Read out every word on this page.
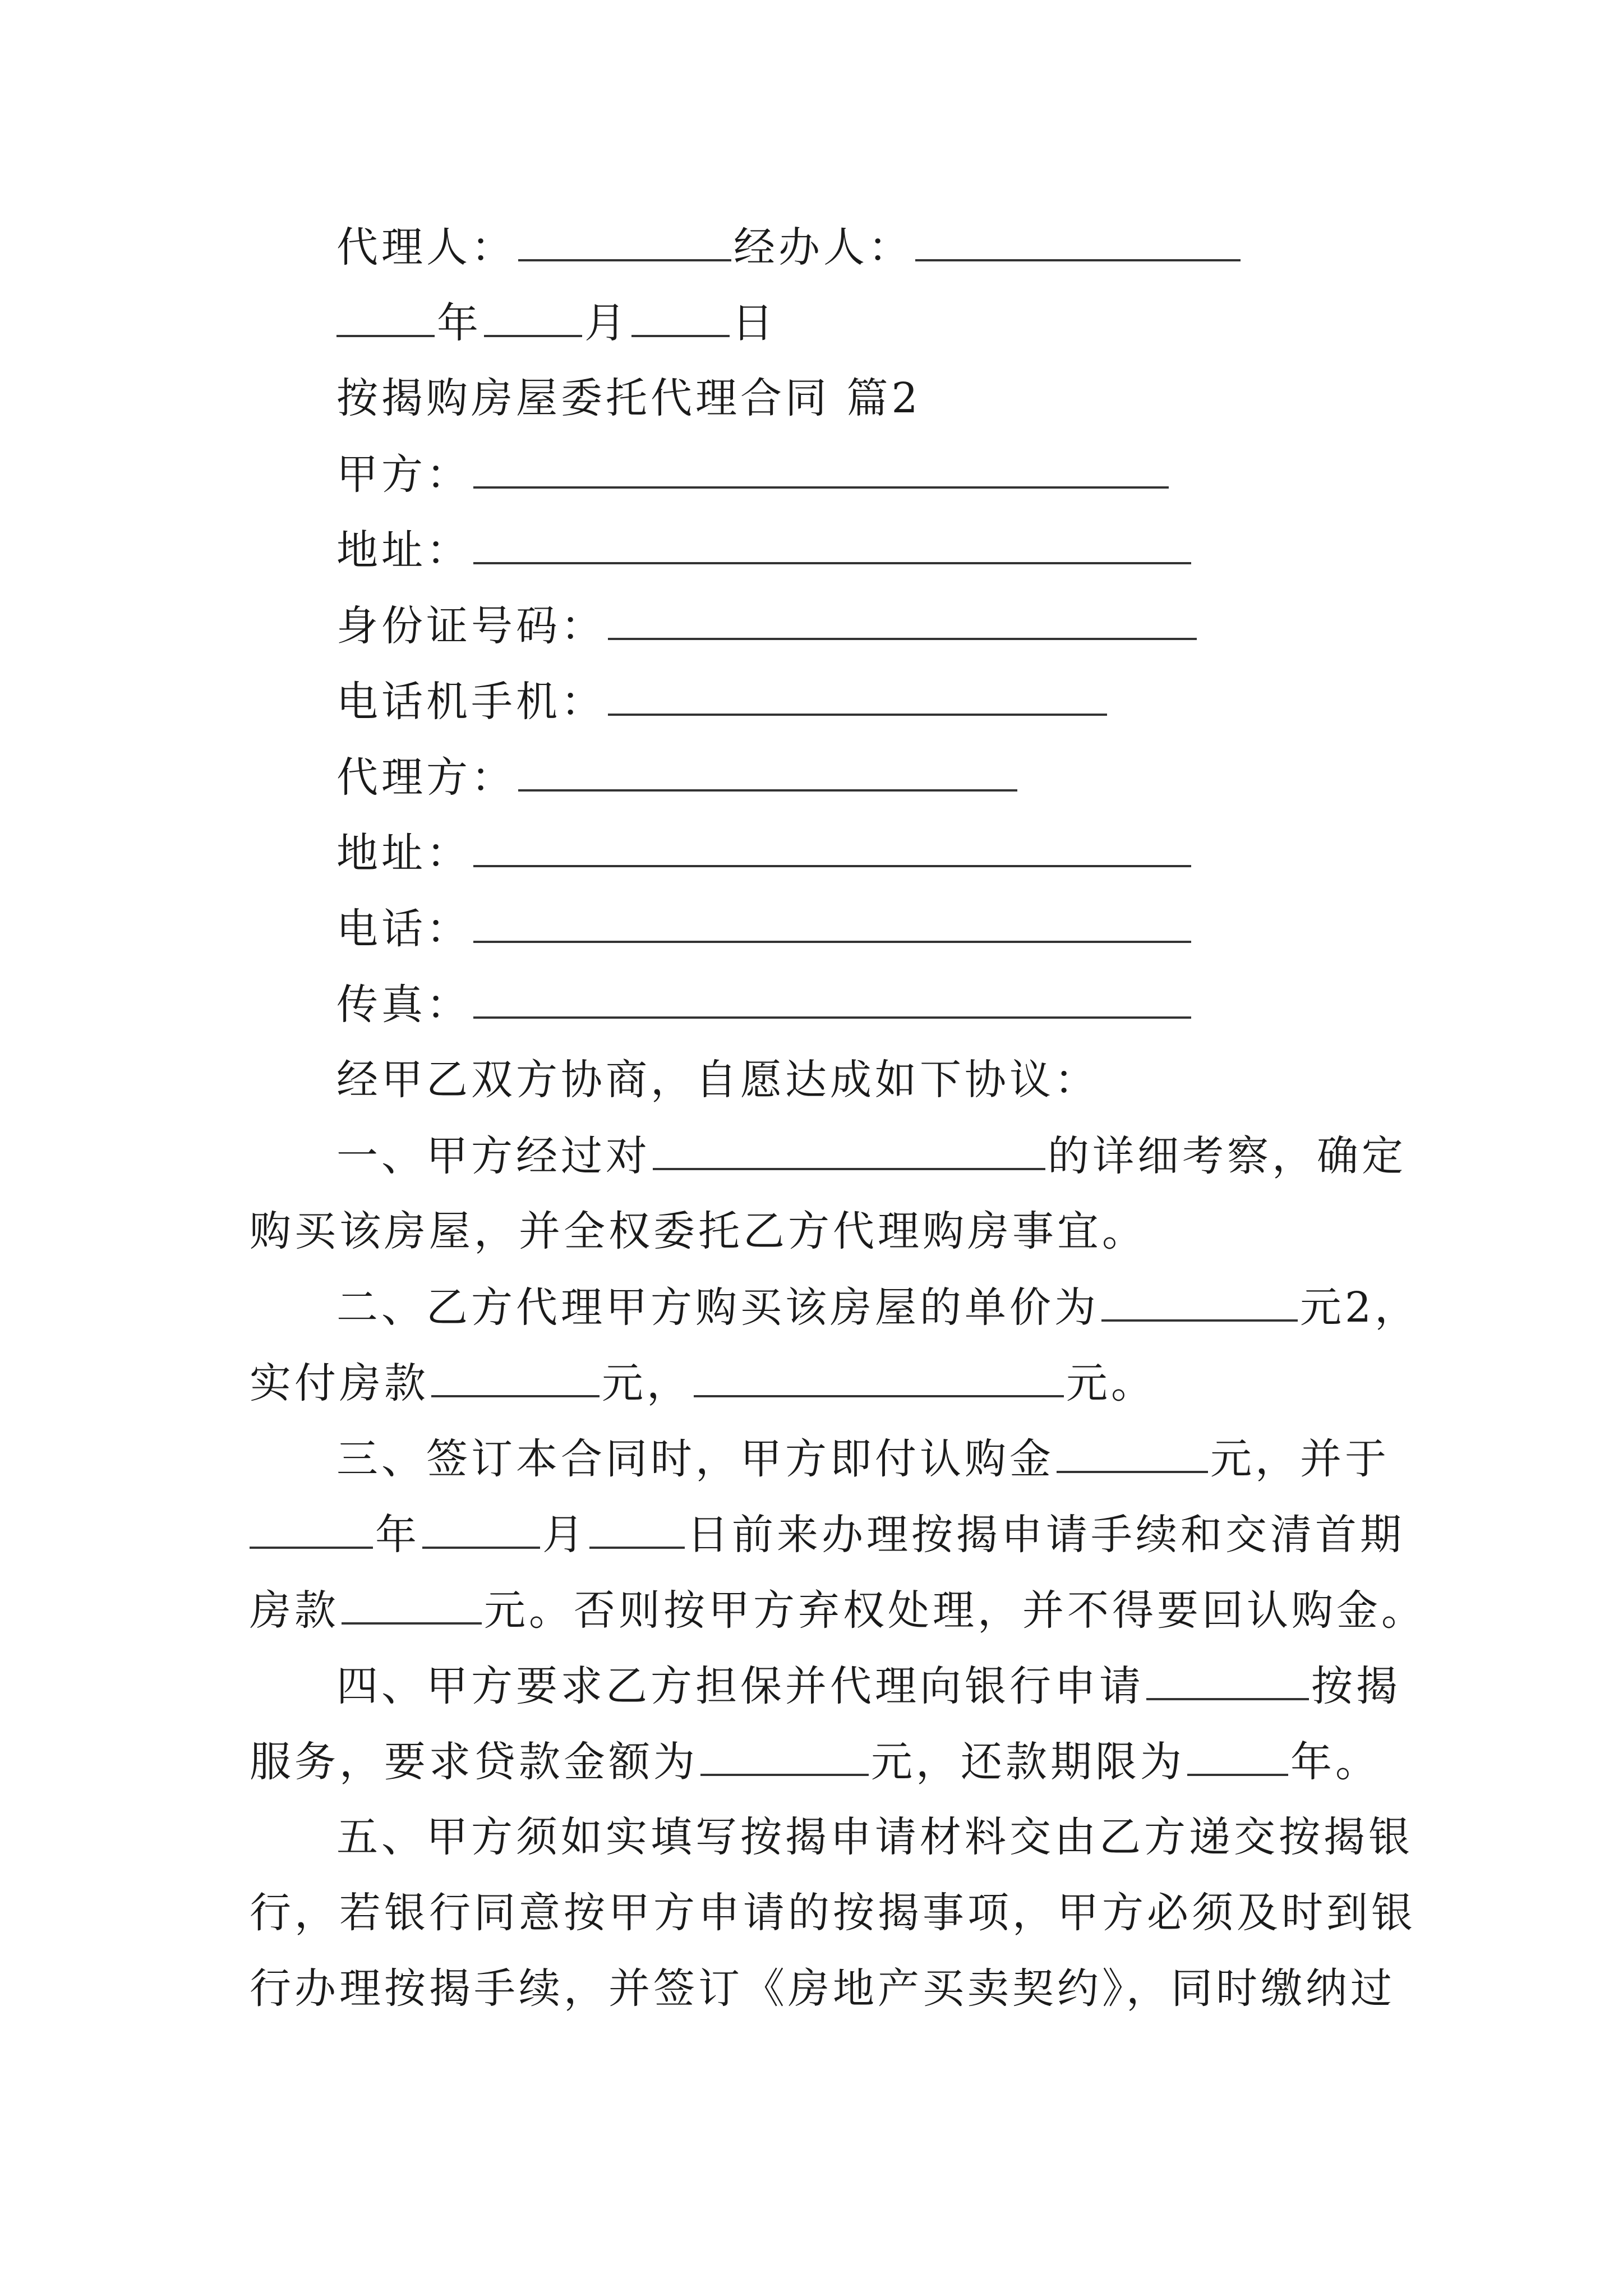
代理人：	经办人：
年 月 日
按揭购房屋委托代理合同 篇2
甲方：
地址：
身份证号码：
电话机手机：
代理方：
地址：
电话：
传真：
经甲乙双方协商，自愿达成如下协议：
一、甲方经过对	的详细考察，确定
购买该房屋，并全权委托乙方代理购房事宜。
二、乙方代理甲方购买该房屋的单价为	元2，
实付房款	元，	元。
三、签订本合同时，甲方即付认购金	元，并于
年	月 日前来办理按揭申请手续和交清首期
房款	元。否则按甲方弃权处理，并不得要回认购金。
四、甲方要求乙方担保并代理向银行申请	按揭
服务，要求贷款金额为	元，还款期限为	年。
五、甲方须如实填写按揭申请材料交由乙方递交按揭银
行，若银行同意按甲方申请的按揭事项，甲方必须及时到银
行办理按揭手续，并签订《房地产买卖契约》，同时缴纳过
